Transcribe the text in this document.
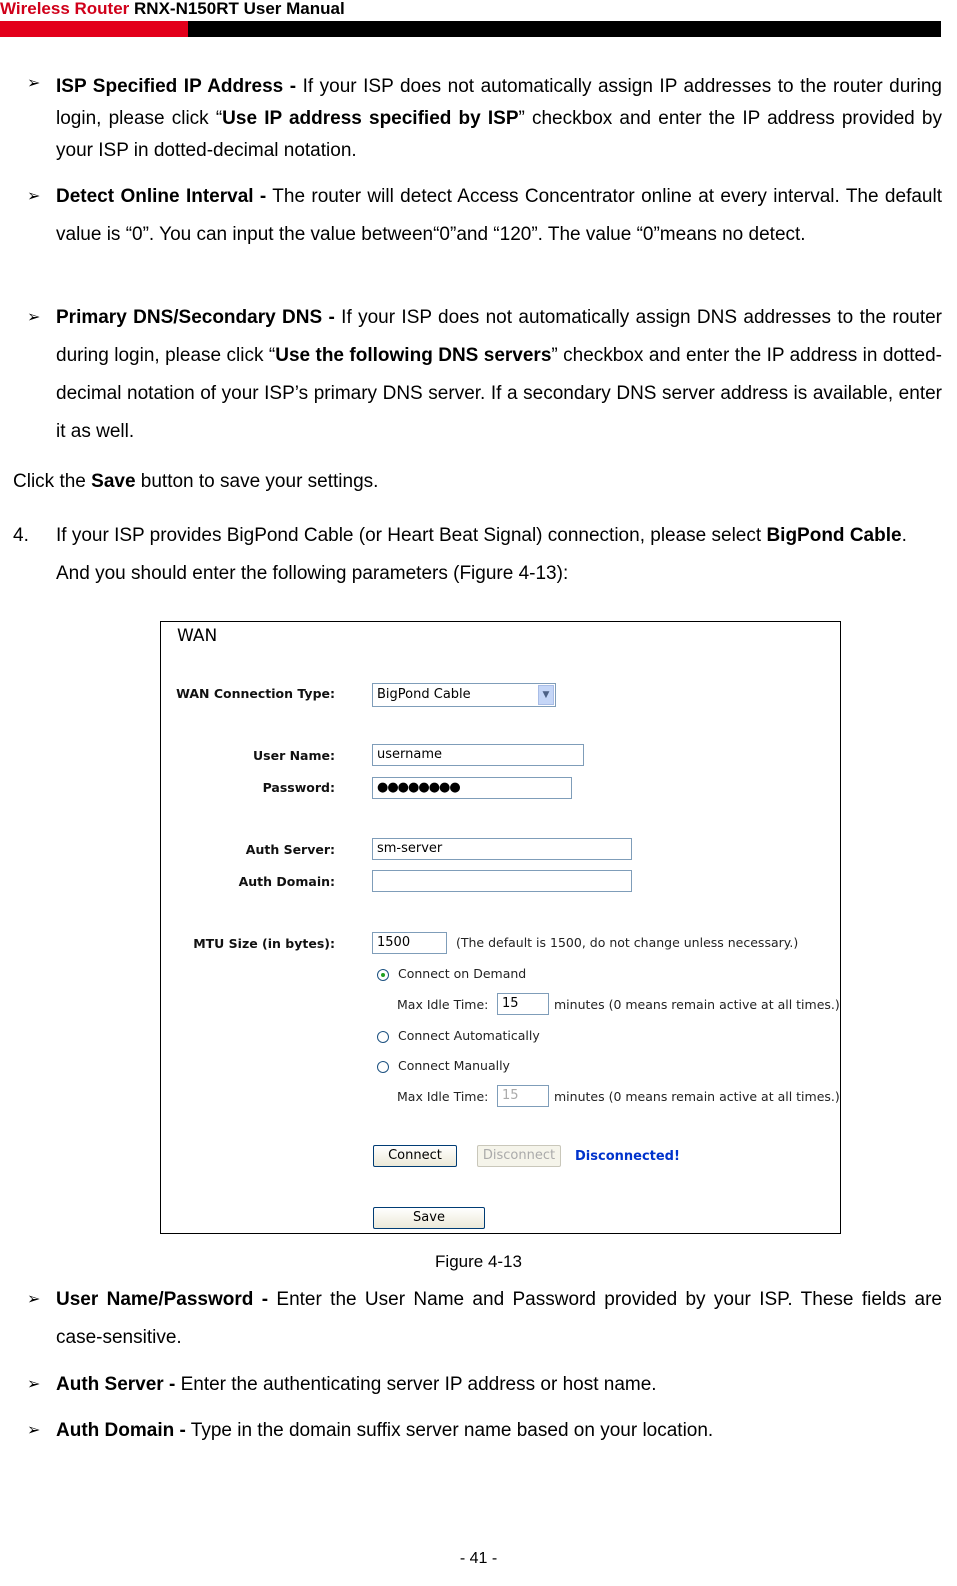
Wireless Router RNX-N150RT User Manual
➢ ISP Specified IP Address - If your ISP does not automatically assign IP addresses to the router during login, please click “Use IP address specified by ISP” checkbox and enter the IP address provided by your ISP in dotted-decimal notation.
➢ Detect Online Interval - The router will detect Access Concentrator online at every interval. The default value is “0”. You can input the value between“0”and “120”. The value “0”means no detect.
➢ Primary DNS/Secondary DNS - If your ISP does not automatically assign DNS addresses to the router during login, please click “Use the following DNS servers” checkbox and enter the IP address in dotted-decimal notation of your ISP’s primary DNS server. If a secondary DNS server address is available, enter it as well.
Click the Save button to save your settings.
4.	If your ISP provides BigPond Cable (or Heart Beat Signal) connection, please select BigPond Cable. And you should enter the following parameters (Figure 4-13):
WAN
WAN Connection Type:	BigPond Cable	▼
User Name:	username
Password:	●●●●●●●●
Auth Server:	sm-server
Auth Domain:
MTU Size (in bytes):	1500	(The default is 1500, do not change unless necessary.)
Connect on Demand
Max Idle Time:	15	minutes (0 means remain active at all times.)
Connect Automatically
Connect Manually
Max Idle Time:	15	minutes (0 means remain active at all times.)
Connect	Disconnect	Disconnected!
Save
Figure 4-13
➢ User Name/Password - Enter the User Name and Password provided by your ISP. These fields are case-sensitive.
➢ Auth Server - Enter the authenticating server IP address or host name.
➢ Auth Domain - Type in the domain suffix server name based on your location.
- 41 -
